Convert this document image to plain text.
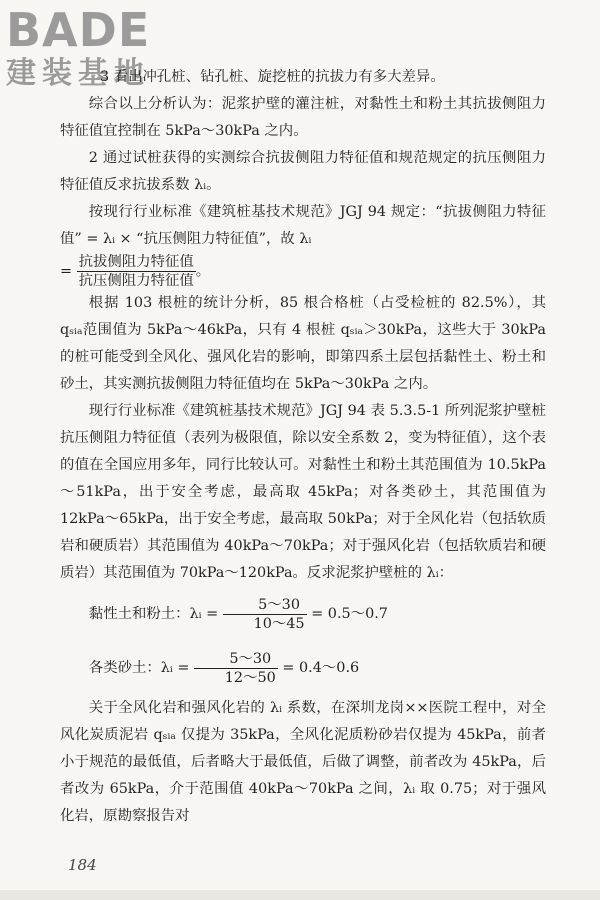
BADE
建装基地

3 看出冲孔桩、钻孔桩、旋挖桩的抗拔力有多大差异。

综合以上分析认为：泥浆护壁的灌注桩，对黏性土和粉土其抗拔侧阻力特征值宜控制在 5kPa～30kPa 之内。

2 通过试桩获得的实测综合抗拔侧阻力特征值和规范规定的抗压侧阻力特征值反求抗拔系数 λᵢ。

按现行行业标准《建筑桩基技术规范》JGJ 94 规定：“抗拔侧阻力特征值” = λᵢ × “抗压侧阻力特征值”，故 λᵢ
= $\frac{\text{抗拔侧阻力特征值}}{\text{抗压侧阻力特征值}}$ 。

根据 103 根桩的统计分析，85 根合格桩（占受检桩的 82.5%），其 qₛᵢₐ范围值为 5kPa～46kPa，只有 4 根桩 qₛᵢₐ＞30kPa，这些大于 30kPa 的桩可能受到全风化、强风化岩的影响，即第四系土层包括黏性土、粉土和砂土，其实测抗拔侧阻力特征值均在 5kPa～30kPa 之内。

现行行业标准《建筑桩基技术规范》JGJ 94 表 5.3.5-1 所列泥浆护壁桩抗压侧阻力特征值（表列为极限值，除以安全系数 2，变为特征值），这个表的值在全国应用多年，同行比较认可。对黏性土和粉土其范围值为 10.5kPa～51kPa，出于安全考虑，最高取 45kPa；对各类砂土，其范围值为 12kPa～65kPa，出于安全考虑，最高取 50kPa；对于全风化岩（包括软质岩和硬质岩）其范围值为 40kPa～70kPa；对于强风化岩（包括软质岩和硬质岩）其范围值为 70kPa～120kPa。反求泥浆护壁桩的 λᵢ：

黏性土和粉土：λᵢ = $\frac{5\sim 30}{10\sim 45}$ = 0.5～0.7
各类砂土：λᵢ = $\frac{5\sim 30}{12\sim 50}$ = 0.4～0.6

关于全风化岩和强风化岩的 λᵢ 系数，在深圳龙岗××医院工程中，对全风化炭质泥岩 qₛᵢₐ 仅提为 35kPa，全风化泥质粉砂岩仅提为 45kPa，前者小于规范的最低值，后者略大于最低值，后做了调整，前者改为 45kPa，后者改为 65kPa，介于范围值 40kPa～70kPa 之间，λᵢ 取 0.75；对于强风化岩，原勘察报告对

184
